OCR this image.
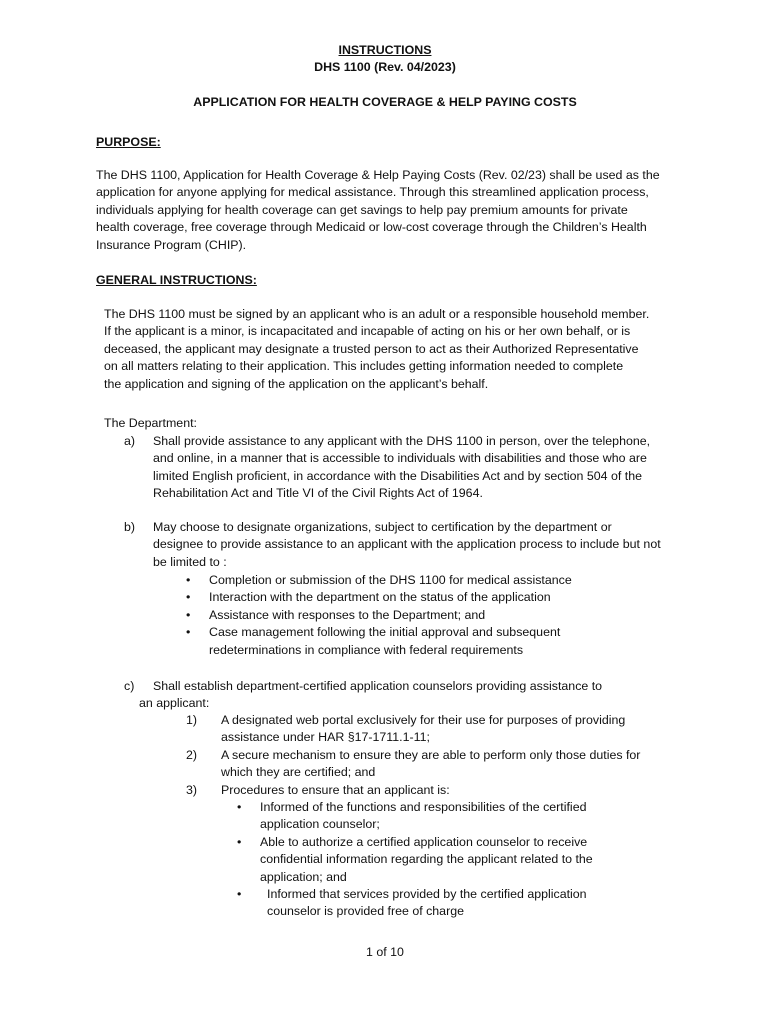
INSTRUCTIONS
DHS 1100 (Rev. 04/2023)
APPLICATION FOR HEALTH COVERAGE & HELP PAYING COSTS
PURPOSE:
The DHS 1100, Application for Health Coverage & Help Paying Costs (Rev. 02/23) shall be used as the
application for anyone applying for medical assistance. Through this streamlined application process,
individuals applying for health coverage can get savings to help pay premium amounts for private
health coverage, free coverage through Medicaid or low-cost coverage through the Children’s Health
Insurance Program (CHIP).
GENERAL INSTRUCTIONS:
The DHS 1100 must be signed by an applicant who is an adult or a responsible household member.
If the applicant is a minor, is incapacitated and incapable of acting on his or her own behalf, or is
deceased, the applicant may designate a trusted person to act as their Authorized Representative
on all matters relating to their application. This includes getting information needed to complete
the application and signing of the application on the applicant’s behalf.
The Department:
a) Shall provide assistance to any applicant with the DHS 1100 in person, over the telephone,
and online, in a manner that is accessible to individuals with disabilities and those who are
limited English proficient, in accordance with the Disabilities Act and by section 504 of the
Rehabilitation Act and Title VI of the Civil Rights Act of 1964.
b) May choose to designate organizations, subject to certification by the department or
designee to provide assistance to an applicant with the application process to include but not
be limited to :
•
Completion or submission of the DHS 1100 for medical assistance
•
Interaction with the department on the status of the application
•
Assistance with responses to the Department; and
•
Case management following the initial approval and subsequent
redeterminations in compliance with federal requirements
c) Shall establish department-certified application counselors providing assistance to
an applicant:
1) A designated web portal exclusively for their use for purposes of providing
assistance under HAR §17-1711.1-11;
2) A secure mechanism to ensure they are able to perform only those duties for
which they are certified; and
3) Procedures to ensure that an applicant is:
•
Informed of the functions and responsibilities of the certified
application counselor;
•
Able to authorize a certified application counselor to receive
confidential information regarding the applicant related to the
application; and
•
Informed that services provided by the certified application
counselor is provided free of charge
1 of 10
